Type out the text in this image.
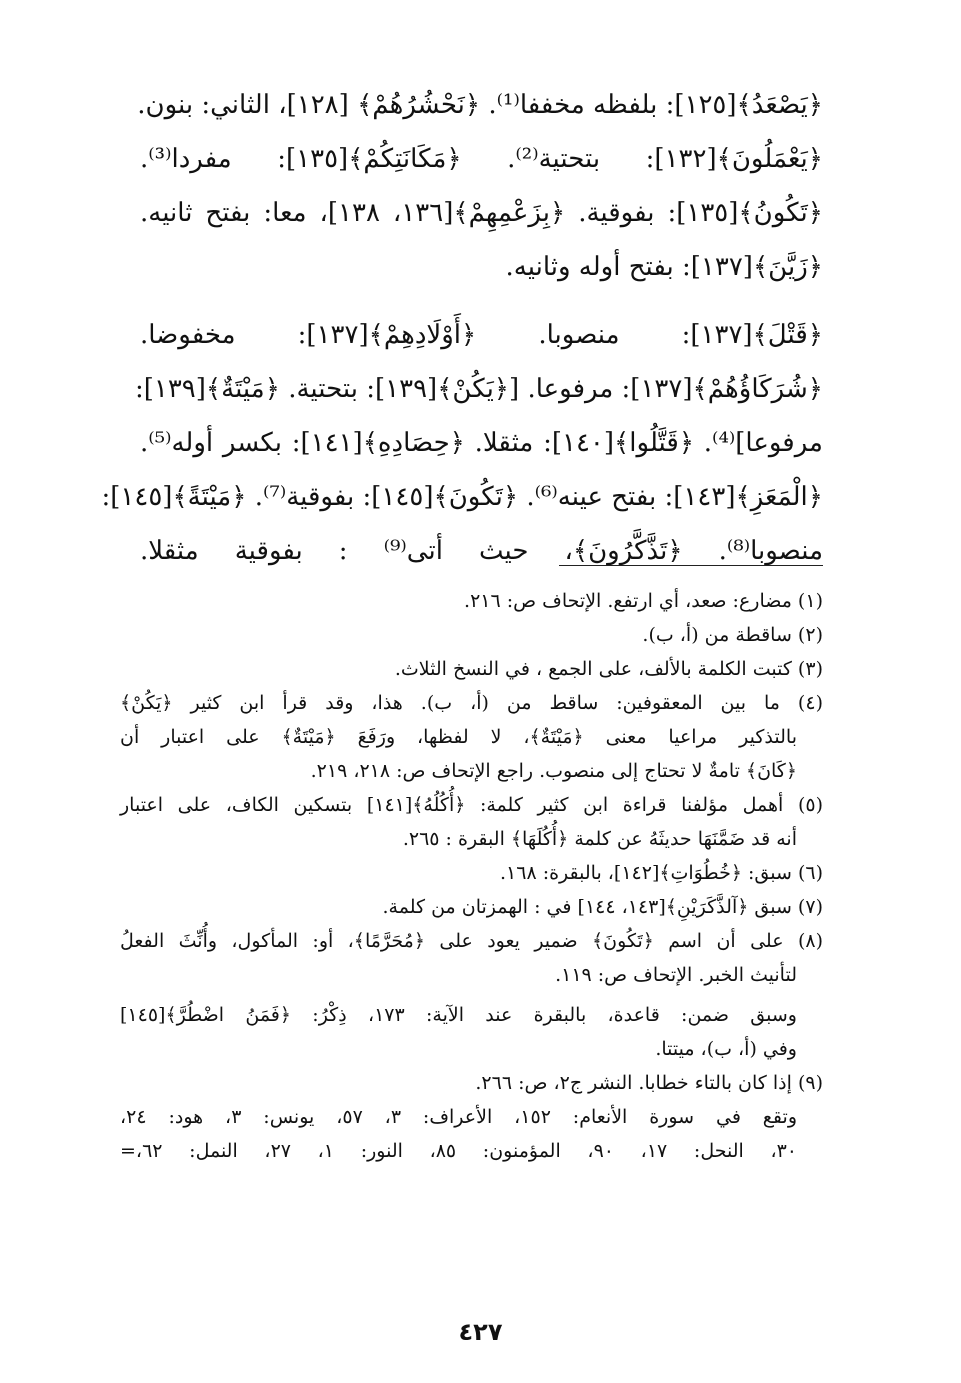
﴿يَصْعَدُ﴾[١٢٥]: بلفظه مخففا⁽¹⁾. ﴿نَحْشُرُهُمْ﴾ [١٢٨]، الثاني: بنون.
﴿يَعْمَلُونَ﴾[١٣٢]: بتحتية⁽²⁾. ﴿مَكَانَتِكُمْ﴾[١٣٥]: مفردا⁽³⁾.
﴿تَكُونُ﴾[١٣٥]: بفوقية. ﴿بِزَعْمِهِمْ﴾[١٣٦، ١٣٨]، معا: بفتح ثانيه.
﴿زَيَّنَ﴾[١٣٧]: بفتح أوله وثانيه.
﴿قَتْلَ﴾[١٣٧]: منصوبا. ﴿أَوْلَادِهِمْ﴾[١٣٧]: مخفوضا.
﴿شُرَكَاؤُهُمْ﴾[١٣٧]: مرفوعا. [﴿يَكُنْ﴾[١٣٩]: بتحتية. ﴿مَيْتَةٌ﴾[١٣٩]:
مرفوعا]⁽⁴⁾. ﴿قَتَّلُوا﴾[١٤٠]: مثقلا. ﴿حِصَادِهِ﴾[١٤١]: بكسر أوله⁽⁵⁾.
﴿الْمَعَزِ﴾[١٤٣]: بفتح عينه⁽⁶⁾. ﴿تَكُونَ﴾[١٤٥]: بفوقية⁽⁷⁾. ﴿مَيْتَةً﴾[١٤٥]:
منصوبا⁽⁸⁾. ﴿تَذَّكَّرُونَ﴾، حيث أتى⁽⁹⁾ : بفوقية مثقلا.
(١) مضارع: صعد، أي ارتفع. الإتحاف ص: ٢١٦.
(٢) ساقطة من (أ، ب).
(٣) كتبت الكلمة بالألف، على الجمع ، في النسخ الثلاث.
(٤) ما بين المعقوفين: ساقط من (أ، ب). هذا، وقد قرأ ابن كثير ﴿يَكُنْ﴾
بالتذكير مراعيا معنى ﴿مَيْتَةٌ﴾، لا لفظها، ورَفَعَ ﴿مَيْتَةٌ﴾ على اعتبار أن
﴿كَانَ﴾ تامةٌ لا تحتاج إلى منصوب. راجع الإتحاف ص: ٢١٨، ٢١٩.
(٥) أهمل مؤلفنا قراءة ابن كثير كلمة: ﴿أُكُلُهُ﴾[١٤١] بتسكين الكاف، على اعتبار
أنه قد ضَمَّنَهَا حديثَهُ عن كلمة ﴿أُكُلَهَا﴾ البقرة : ٢٦٥.
(٦) سبق: ﴿خُطُوَاتِ﴾[١٤٢]، بالبقرة: ١٦٨.
(٧) سبق ﴿آلذَّكَرَيْنِ﴾[١٤٣، ١٤٤] في : الهمزتان من كلمة.
(٨) على أن اسم ﴿تَكُونَ﴾ ضمير يعود على ﴿مُحَرَّمًا﴾، أو: المأكول، وأُنِّثَ الفعلُ
لتأنيث الخبر. الإتحاف ص: ١١٩.
وسبق ضمن: قاعدة، بالبقرة عند الآية: ١٧٣، ذِكْرُ: ﴿فَمَنُ اضْطُرَّ﴾[١٤٥]
وفي (أ، ب)، ميتتا.
(٩) إذا كان بالتاء خطابا. النشر ج٢، ص: ٢٦٦.
وتقع في سورة الأنعام: ١٥٢، الأعراف: ٣، ٥٧، يونس: ٣، هود: ٢٤،
٣٠، النحل: ١٧، ٩٠، المؤمنون: ٨٥، النور: ١، ٢٧، النمل: ٦٢،=
٤٢٧
